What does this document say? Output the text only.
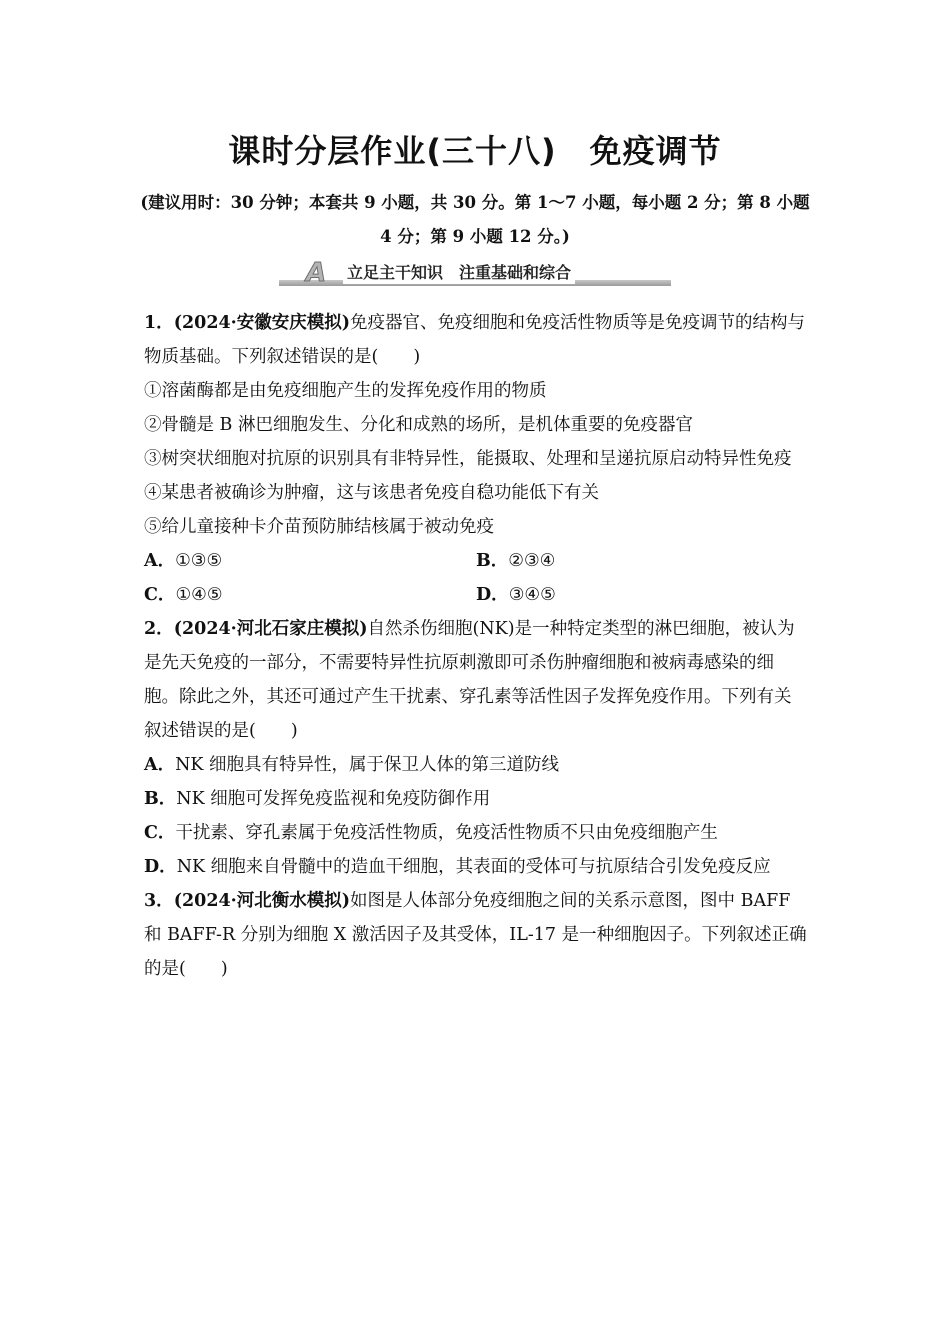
课时分层作业(三十八)　免疫调节
(建议用时：30 分钟；本套共 9 小题，共 30 分。第 1～7 小题，每小题 2 分；第 8 小题 4 分；第 9 小题 12 分。)
A 立足主干知识　注重基础和综合

1．(2024·安徽安庆模拟)免疫器官、免疫细胞和免疫活性物质等是免疫调节的结构与物质基础。下列叙述错误的是(　　)

①溶菌酶都是由免疫细胞产生的发挥免疫作用的物质

②骨髓是 B 淋巴细胞发生、分化和成熟的场所，是机体重要的免疫器官

③树突状细胞对抗原的识别具有非特异性，能摄取、处理和呈递抗原启动特异性免疫

④某患者被确诊为肿瘤，这与该患者免疫自稳功能低下有关

⑤给儿童接种卡介苗预防肺结核属于被动免疫

A．①③⑤	B．②③④
C．①④⑤	D．③④⑤

2．(2024·河北石家庄模拟)自然杀伤细胞(NK)是一种特定类型的淋巴细胞，被认为是先天免疫的一部分，不需要特异性抗原刺激即可杀伤肿瘤细胞和被病毒感染的细胞。除此之外，其还可通过产生干扰素、穿孔素等活性因子发挥免疫作用。下列有关叙述错误的是(　　)

A．NK 细胞具有特异性，属于保卫人体的第三道防线

B．NK 细胞可发挥免疫监视和免疫防御作用

C．干扰素、穿孔素属于免疫活性物质，免疫活性物质不只由免疫细胞产生

D．NK 细胞来自骨髓中的造血干细胞，其表面的受体可与抗原结合引发免疫反应

3．(2024·河北衡水模拟)如图是人体部分免疫细胞之间的关系示意图，图中 BAFF 和 BAFF-R 分别为细胞 X 激活因子及其受体，IL-17 是一种细胞因子。下列叙述正确的是(　　)
